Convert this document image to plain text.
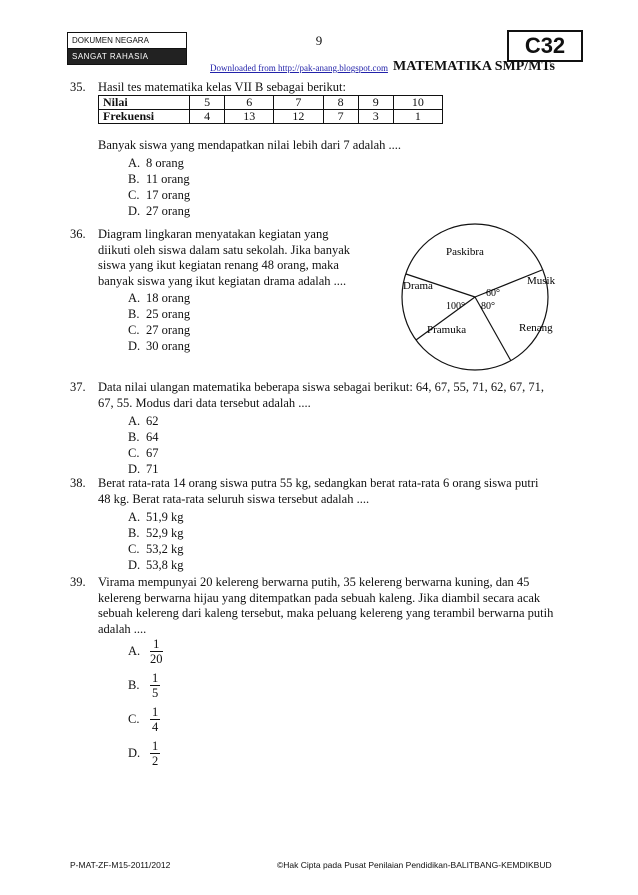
DOKUMEN NEGARA
SANGAT RAHASIA
9	C32
Downloaded from http://pak-anang.blogspot.com MATEMATIKA SMP/MTs
35. Hasil tes matematika kelas VII B sebagai berikut:
Nilai	5	6	7	8	9	10
Frekuensi	4	13	12	7	3	1
Banyak siswa yang mendapatkan nilai lebih dari 7 adalah ....
A. 8 orang
B. 11 orang
C. 17 orang
D. 27 orang
36. Diagram lingkaran menyatakan kegiatan yang
diikuti oleh siswa dalam satu sekolah. Jika banyak
siswa yang ikut kegiatan renang 48 orang, maka
banyak siswa yang ikut kegiatan drama adalah ....
A. 18 orang
B. 25 orang
C. 27 orang
D. 30 orang
Paskibra
Drama	Musik
Pramuka	Renang
60°
100° 80°
37. Data nilai ulangan matematika beberapa siswa sebagai berikut: 64, 67, 55, 71, 62, 67, 71,
67, 55. Modus dari data tersebut adalah ....
A. 62
B. 64
C. 67
D. 71
38. Berat rata-rata 14 orang siswa putra 55 kg, sedangkan berat rata-rata 6 orang siswa putri
48 kg. Berat rata-rata seluruh siswa tersebut adalah ....
A. 51,9 kg
B. 52,9 kg
C. 53,2 kg
D. 53,8 kg
39. Virama mempunyai 20 kelereng berwarna putih, 35 kelereng berwarna kuning, dan 45
kelereng berwarna hijau yang ditempatkan pada sebuah kaleng. Jika diambil secara acak
sebuah kelereng dari kaleng tersebut, maka peluang kelereng yang terambil berwarna putih
adalah ....
A. $\frac{1}{20}$
B. $\frac{1}{5}$
C. $\frac{1}{4}$
D. $\frac{1}{2}$
P-MAT-ZF-M15-2011/2012	©Hak Cipta pada Pusat Penilaian Pendidikan-BALITBANG-KEMDIKBUD
